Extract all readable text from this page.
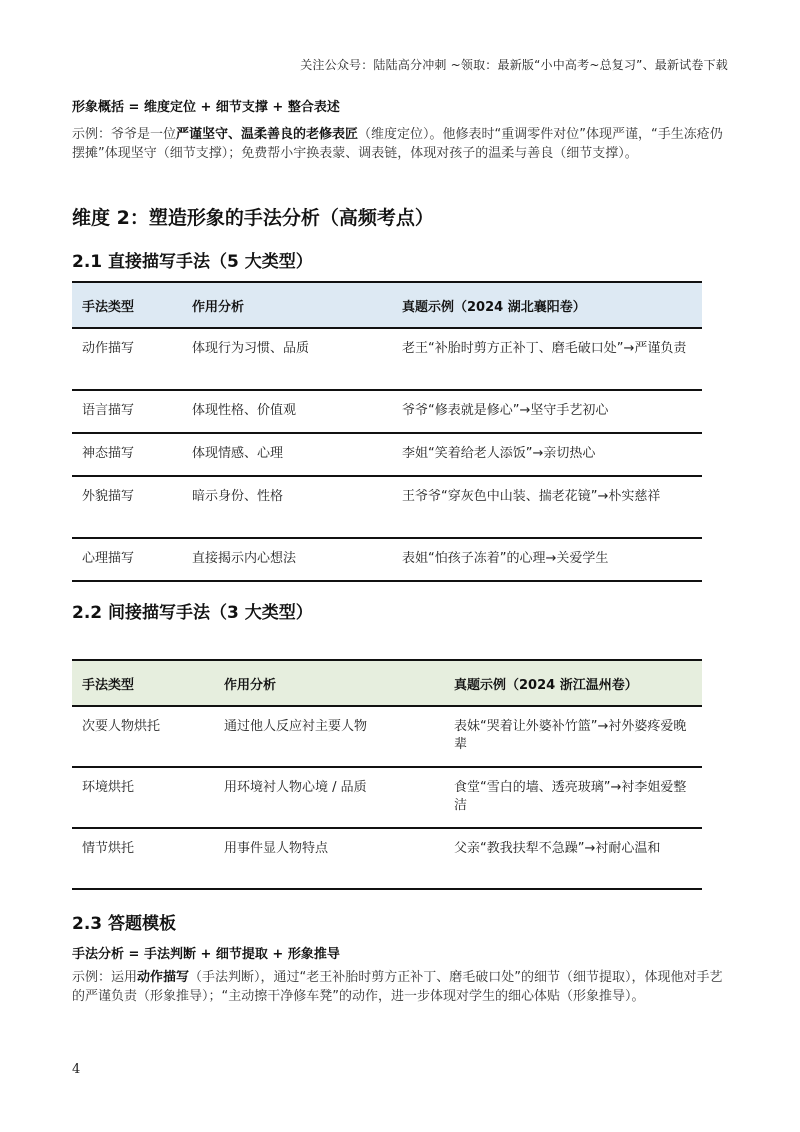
关注公众号：陆陆高分冲刺 ~领取：最新版“小中高考~总复习”、最新试卷下载
形象概括 = 维度定位 + 细节支撑 + 整合表述

示例：爷爷是一位严谨坚守、温柔善良的老修表匠（维度定位）。他修表时“重调零件对位”体现严谨，“手生冻疮仍摆摊”体现坚守（细节支撑）；免费帮小宇换表蒙、调表链，体现对孩子的温柔与善良（细节支撑）。

维度 2：塑造形象的手法分析（高频考点）
2.1 直接描写手法（5 大类型）
手法类型	作用分析	真题示例（2024 湖北襄阳卷）
动作描写	体现行为习惯、品质	老王“补胎时剪方正补丁、磨毛破口处”→严谨负责
语言描写	体现性格、价值观	爷爷“修表就是修心”→坚守手艺初心
神态描写	体现情感、心理	李姐“笑着给老人添饭”→亲切热心
外貌描写	暗示身份、性格	王爷爷“穿灰色中山装、揣老花镜”→朴实慈祥
心理描写	直接揭示内心想法	表姐“怕孩子冻着”的心理→关爱学生
2.2 间接描写手法（3 大类型）
手法类型	作用分析	真题示例（2024 浙江温州卷）
次要人物烘托	通过他人反应衬主要人物	表妹“哭着让外婆补竹篮”→衬外婆疼爱晚辈
环境烘托	用环境衬人物心境 / 品质	食堂“雪白的墙、透亮玻璃”→衬李姐爱整洁
情节烘托	用事件显人物特点	父亲“教我扶犁不急躁”→衬耐心温和
2.3 答题模板
手法分析 = 手法判断 + 细节提取 + 形象推导

示例：运用动作描写（手法判断），通过“老王补胎时剪方正补丁、磨毛破口处”的细节（细节提取），体现他对手艺的严谨负责（形象推导）；“主动擦干净修车凳”的动作，进一步体现对学生的细心体贴（形象推导）。

4
